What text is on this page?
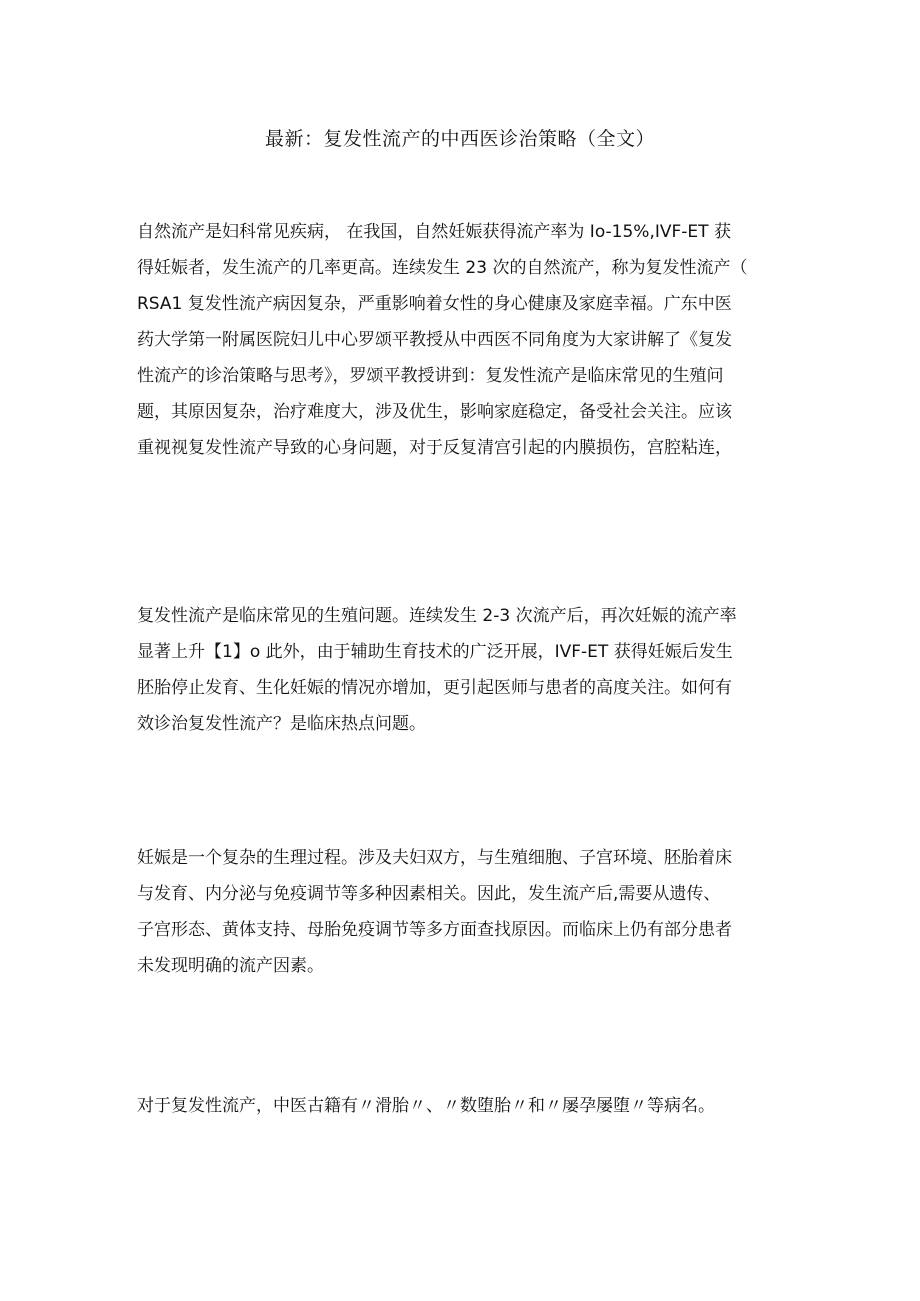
最新：复发性流产的中西医诊治策略（全文）
自然流产是妇科常见疾病， 在我国，自然妊娠获得流产率为 Io-15%,IVF-ET 获
得妊娠者，发生流产的几率更高。连续发生 23 次的自然流产，称为复发性流产（
RSA1 复发性流产病因复杂，严重影响着女性的身心健康及家庭幸福。广东中医
药大学第一附属医院妇儿中心罗颂平教授从中西医不同角度为大家讲解了《复发
性流产的诊治策略与思考》，罗颂平教授讲到：复发性流产是临床常见的生殖问
题，其原因复杂，治疗难度大，涉及优生，影响家庭稳定，备受社会关注。应该
重视视复发性流产导致的心身问题，对于反复清宫引起的内膜损伤，宫腔粘连，
复发性流产是临床常见的生殖问题。连续发生 2-3 次流产后，再次妊娠的流产率
显著上升【1】o 此外，由于辅助生育技术的广泛开展，IVF-ET 获得妊娠后发生
胚胎停止发育、生化妊娠的情况亦增加，更引起医师与患者的高度关注。如何有
效诊治复发性流产？是临床热点问题。
妊娠是一个复杂的生理过程。涉及夫妇双方，与生殖细胞、子宫环境、胚胎着床
与发育、内分泌与免疫调节等多种因素相关。因此，发生流产后,需要从遗传、
子宫形态、黄体支持、母胎免疫调节等多方面查找原因。而临床上仍有部分患者
未发现明确的流产因素。
对于复发性流产，中医古籍有〃滑胎〃、〃数堕胎〃和〃屡孕屡堕〃等病名。
